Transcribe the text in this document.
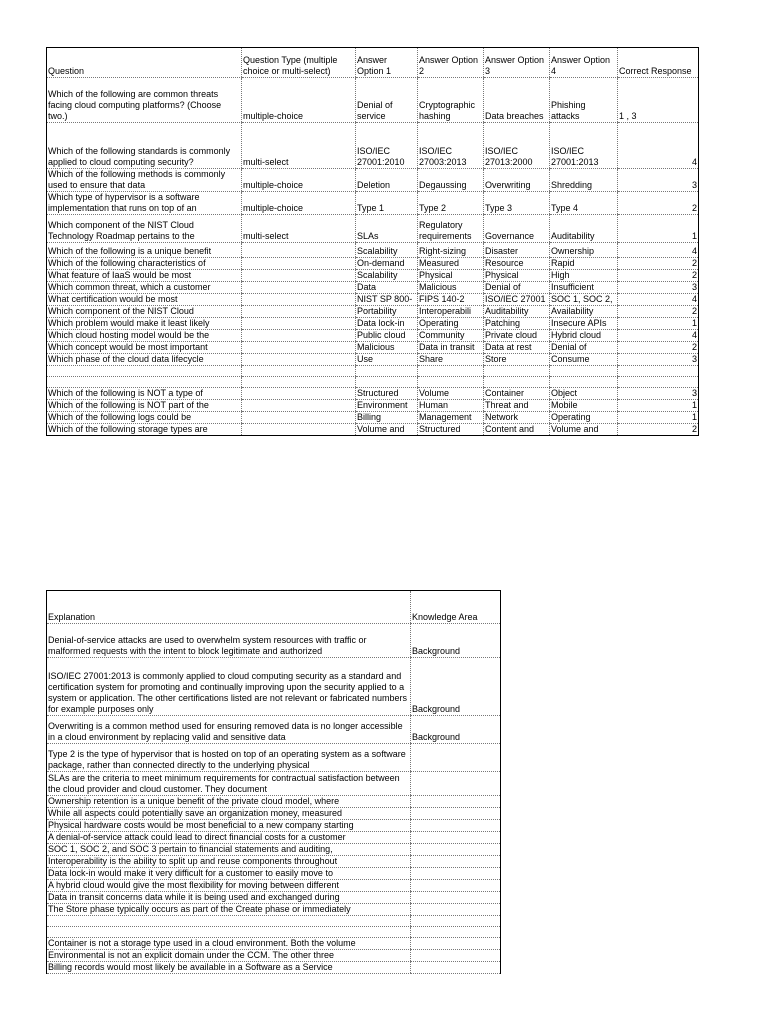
Question	Question Type (multiple choice or multi-select)	Answer Option 1	Answer Option 2	Answer Option 3	Answer Option 4	Correct Response
Which of the following are common threats facing cloud computing platforms? (Choose two.)	multiple-choice	Denial of service	Cryptographic hashing	Data breaches	Phishing attacks	1 , 3
Which of the following standards is commonly applied to cloud computing security?	multi-select	ISO/IEC 27001:2010	ISO/IEC 27003:2013	ISO/IEC 27013:2000	ISO/IEC 27001:2013	4
Which of the following methods is commonly used to ensure that data	multiple-choice	Deletion	Degaussing	Overwriting	Shredding	3
Which type of hypervisor is a software implementation that runs on top of an	multiple-choice	Type 1	Type 2	Type 3	Type 4	2
Which component of the NIST Cloud Technology Roadmap pertains to the	multi-select	SLAs	Regulatory requirements	Governance	Auditability	1
Which of the following is a unique benefit		Scalability	Right-sizing	Disaster	Ownership	4
Which of the following characteristics of		On-demand	Measured	Resource	Rapid	2
What feature of IaaS would be most		Scalability	Physical	Physical	High	2
Which common threat, which a customer		Data	Malicious	Denial of	Insufficient	3
What certification would be most		NIST SP 800-	FIPS 140-2	ISO/IEC 27001	SOC 1, SOC 2,	4
Which component of the NIST Cloud		Portability	Interoperabili	Auditability	Availability	2
Which problem would make it least likely		Data lock-in	Operating	Patching	Insecure APIs	1
Which cloud hosting model would be the		Public cloud	Community	Private cloud	Hybrid cloud	4
Which concept would be most important		Malicious	Data in transit	Data at rest	Denial of	2
Which phase of the cloud data lifecycle		Use	Share	Store	Consume	3

Which of the following is NOT a type of		Structured	Volume	Container	Object	3
Which of the following is NOT part of the		Environment	Human	Threat and	Mobile	1
Which of the following logs could be		Billing	Management	Network	Operating	1
Which of the following storage types are		Volume and	Structured	Content and	Volume and	2
Explanation	Knowledge Area
Denial-of-service attacks are used to overwhelm system resources with traffic or malformed requests with the intent to block legitimate and authorized	Background
ISO/IEC 27001:2013 is commonly applied to cloud computing security as a standard and certification system for promoting and continually improving upon the security applied to a system or application. The other certifications listed are not relevant or fabricated numbers for example purposes only	Background
Overwriting is a common method used for ensuring removed data is no longer accessible in a cloud environment by replacing valid and sensitive data	Background
Type 2 is the type of hypervisor that is hosted on top of an operating system as a software package, rather than connected directly to the underlying physical	
SLAs are the criteria to meet minimum requirements for contractual satisfaction between the cloud provider and cloud customer. They document	
Ownership retention is a unique benefit of the private cloud model, where	
While all aspects could potentially save an organization money, measured	
Physical hardware costs would be most beneficial to a new company starting	
A denial-of-service attack could lead to direct financial costs for a customer	
SOC 1, SOC 2, and SOC 3 pertain to financial statements and auditing,	
Interoperability is the ability to split up and reuse components throughout	
Data lock-in would make it very difficult for a customer to easily move to	
A hybrid cloud would give the most flexibility for moving between different	
Data in transit concerns data while it is being used and exchanged during	
The Store phase typically occurs as part of the Create phase or immediately	

Container is not a storage type used in a cloud environment. Both the volume	
Environmental is not an explicit domain under the CCM. The other three	
Billing records would most likely be available in a Software as a Service	
